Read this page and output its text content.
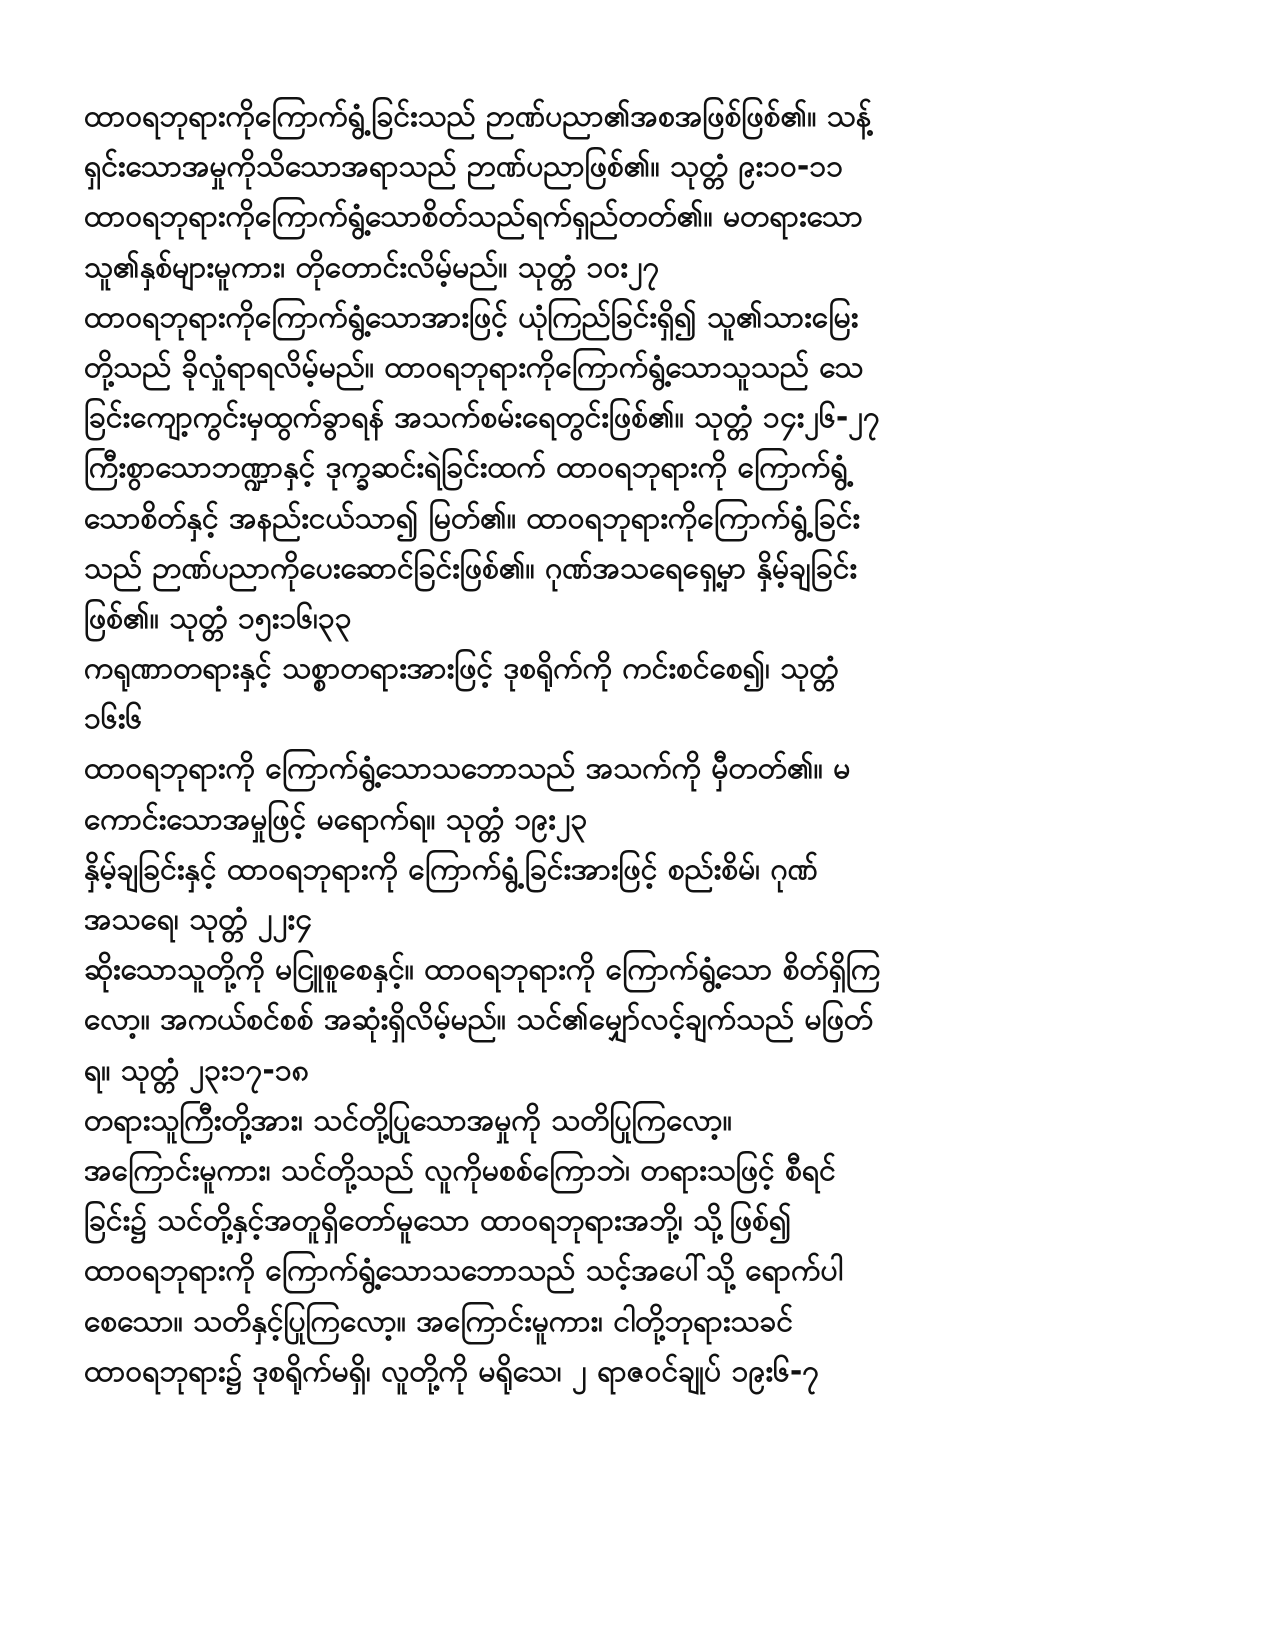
ထာဝရဘုရားကိုကြောက်ရွံ့ခြင်းသည် ဉာဏ်ပညာ၏အစအဖြစ်ဖြစ်၏။ သန့်
ရှင်းသောအမှုကိုသိသောအရာသည် ဉာဏ်ပညာဖြစ်၏။ သုတ္တံ ၉း၁၀-၁၁
ထာဝရဘုရားကိုကြောက်ရွံ့သောစိတ်သည်ရက်ရှည်တတ်၏။ မတရားသော
သူ၏နှစ်များမူကား၊ တိုတောင်းလိမ့်မည်။ သုတ္တံ ၁၀း၂၇
ထာဝရဘုရားကိုကြောက်ရွံ့သောအားဖြင့် ယုံကြည်ခြင်းရှိ၍ သူ၏သားမြေး
တို့သည် ခိုလှုံရာရလိမ့်မည်။ ထာဝရဘုရားကိုကြောက်ရွံ့သောသူသည် သေ
ခြင်းကျော့ကွင်းမှထွက်ခွာရန် အသက်စမ်းရေတွင်းဖြစ်၏။ သုတ္တံ ၁၄း၂၆-၂၇
ကြီးစွာသောဘဏ္ဍာနှင့် ဒုက္ခဆင်းရဲခြင်းထက် ထာဝရဘုရားကို ကြောက်ရွံ့
သောစိတ်နှင့် အနည်းငယ်သာ၍ မြတ်၏။ ထာဝရဘုရားကိုကြောက်ရွံ့ခြင်း
သည် ဉာဏ်ပညာကိုပေးဆောင်ခြင်းဖြစ်၏။ ဂုဏ်အသရေရှေ့မှာ နှိမ့်ချခြင်း
ဖြစ်၏။ သုတ္တံ ၁၅း၁၆၊၃၃
ကရုဏာတရားနှင့် သစ္စာတရားအားဖြင့် ဒုစရိုက်ကို ကင်းစင်စေ၍၊ သုတ္တံ
၁၆း၆
ထာဝရဘုရားကို ကြောက်ရွံ့သောသဘောသည် အသက်ကို မှီတတ်၏။ မ
ကောင်းသောအမှုဖြင့် မရောက်ရ။ သုတ္တံ ၁၉း၂၃
နှိမ့်ချခြင်းနှင့် ထာဝရဘုရားကို ကြောက်ရွံ့ခြင်းအားဖြင့် စည်းစိမ်၊ ဂုဏ်
အသရေ၊ သုတ္တံ ၂၂း၄
ဆိုးသောသူတို့ကို မငြူစူစေနှင့်။ ထာဝရဘုရားကို ကြောက်ရွံ့သော စိတ်ရှိကြ
လော့။ အကယ်စင်စစ် အဆုံးရှိလိမ့်မည်။ သင်၏မျှော်လင့်ချက်သည် မဖြတ်
ရ။ သုတ္တံ ၂၃း၁၇-၁၈
တရားသူကြီးတို့အား၊ သင်တို့ပြုသောအမှုကို သတိပြုကြလော့။
အကြောင်းမူကား၊ သင်တို့သည် လူကိုမစစ်ကြောဘဲ၊ တရားသဖြင့် စီရင်
ခြင်း၌ သင်တို့နှင့်အတူရှိတော်မူသော ထာဝရဘုရားအဘို့၊ သို့ဖြစ်၍
ထာဝရဘုရားကို ကြောက်ရွံ့သောသဘောသည် သင့်အပေါ်သို့ ရောက်ပါ
စေသော။ သတိနှင့်ပြုကြလော့။ အကြောင်းမူကား၊ ငါတို့ဘုရားသခင်
ထာဝရဘုရား၌ ဒုစရိုက်မရှိ၊ လူတို့ကို မရိုသေ၊ ၂ ရာဇဝင်ချုပ် ၁၉း၆-၇
